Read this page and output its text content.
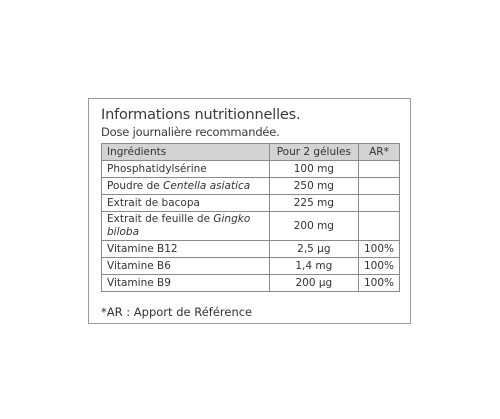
Informations nutritionnelles.

Dose journalière recommandée.

Ingrédients	Pour 2 gélules	AR*
Phosphatidylsérine	100 mg	
Poudre de Centella asiatica	250 mg	
Extrait de bacopa	225 mg	
Extrait de feuille de Gingko biloba	200 mg	
Vitamine B12	2,5 µg	100%
Vitamine B6	1,4 mg	100%
Vitamine B9	200 µg	100%

*AR : Apport de Référence
